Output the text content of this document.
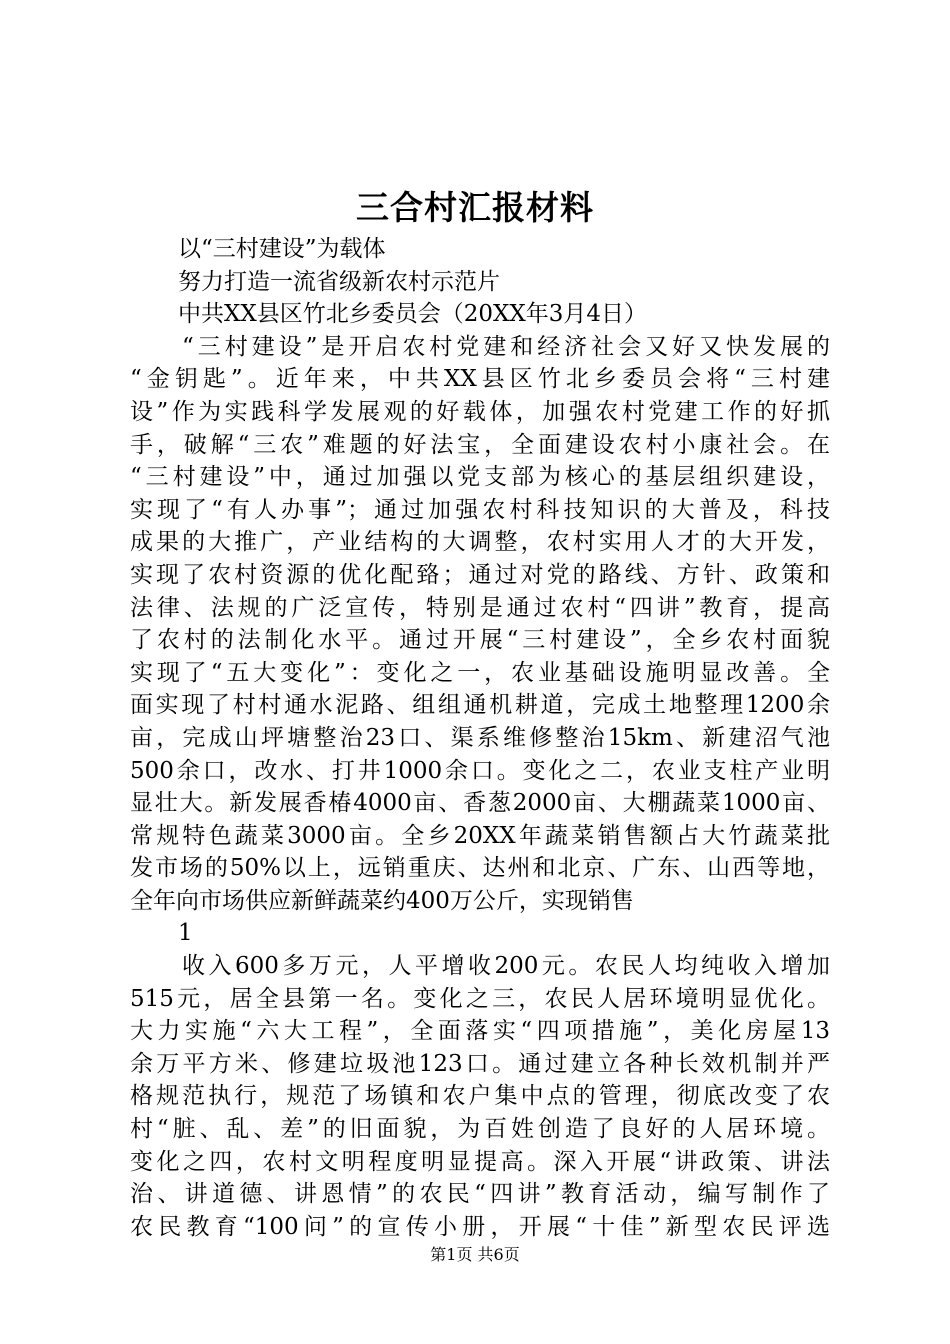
三合村汇报材料
以“三村建设”为载体
努力打造一流省级新农村示范片
中共XX县区竹北乡委员会（20XX年3月4日）
“三村建设”是开启农村党建和经济社会又好又快发展的
“金钥匙”。近年来，中共XX县区竹北乡委员会将“三村建
设”作为实践科学发展观的好载体，加强农村党建工作的好抓
手，破解“三农”难题的好法宝，全面建设农村小康社会。在
“三村建设”中，通过加强以党支部为核心的基层组织建设，
实现了“有人办事”；通过加强农村科技知识的大普及，科技
成果的大推广，产业结构的大调整，农村实用人才的大开发，
实现了农村资源的优化配臵；通过对党的路线、方针、政策和
法律、法规的广泛宣传，特别是通过农村“四讲”教育，提高
了农村的法制化水平。通过开展“三村建设”，全乡农村面貌
实现了“五大变化”：变化之一，农业基础设施明显改善。全
面实现了村村通水泥路、组组通机耕道，完成土地整理1200余
亩，完成山坪塘整治23口、渠系维修整治15km、新建沼气池
500余口，改水、打井1000余口。变化之二，农业支柱产业明
显壮大。新发展香椿4000亩、香葱2000亩、大棚蔬菜1000亩、
常规特色蔬菜3000亩。全乡20XX年蔬菜销售额占大竹蔬菜批
发市场的50%以上，远销重庆、达州和北京、广东、山西等地，
全年向市场供应新鲜蔬菜约400万公斤，实现销售
1
收入600多万元，人平增收200元。农民人均纯收入增加
515元，居全县第一名。变化之三，农民人居环境明显优化。
大力实施“六大工程”，全面落实“四项措施”，美化房屋13
余万平方米、修建垃圾池123口。通过建立各种长效机制并严
格规范执行，规范了场镇和农户集中点的管理，彻底改变了农
村“脏、乱、差”的旧面貌，为百姓创造了良好的人居环境。
变化之四，农村文明程度明显提高。深入开展“讲政策、讲法
治、讲道德、讲恩情”的农民“四讲”教育活动，编写制作了
农民教育“100问”的宣传小册，开展“十佳”新型农民评选
第1页 共6页
